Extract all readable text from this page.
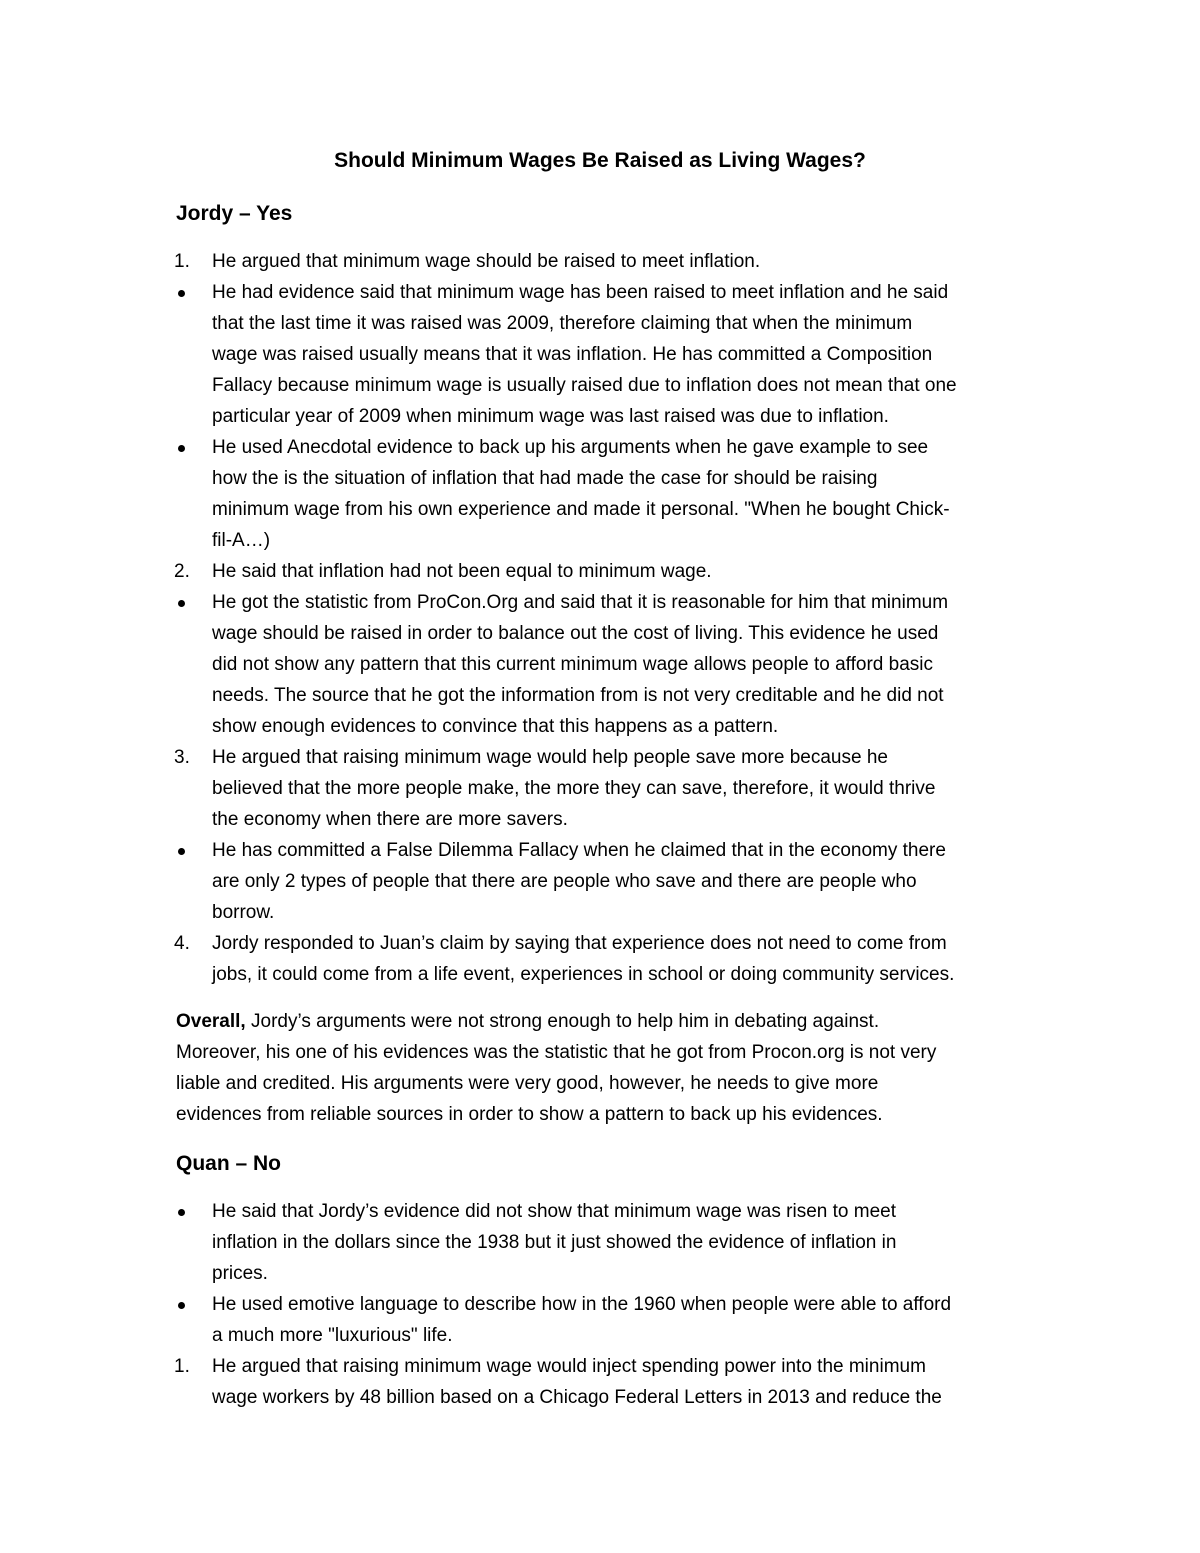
Should Minimum Wages Be Raised as Living Wages?
Jordy – Yes
1.	He argued that minimum wage should be raised to meet inflation.
He had evidence said that minimum wage has been raised to meet inflation and he said
that the last time it was raised was 2009, therefore claiming that when the minimum
wage was raised usually means that it was inflation. He has committed a Composition
Fallacy because minimum wage is usually raised due to inflation does not mean that one
particular year of 2009 when minimum wage was last raised was due to inflation.
He used Anecdotal evidence to back up his arguments when he gave example to see
how the is the situation of inflation that had made the case for should be raising
minimum wage from his own experience and made it personal. "When he bought Chick-
fil-A…)
2.	He said that inflation had not been equal to minimum wage.
He got the statistic from ProCon.Org and said that it is reasonable for him that minimum
wage should be raised in order to balance out the cost of living. This evidence he used
did not show any pattern that this current minimum wage allows people to afford basic
needs. The source that he got the information from is not very creditable and he did not
show enough evidences to convince that this happens as a pattern.
3.	He argued that raising minimum wage would help people save more because he
believed that the more people make, the more they can save, therefore, it would thrive
the economy when there are more savers.
He has committed a False Dilemma Fallacy when he claimed that in the economy there
are only 2 types of people that there are people who save and there are people who
borrow.
4.	Jordy responded to Juan’s claim by saying that experience does not need to come from
jobs, it could come from a life event, experiences in school or doing community services.
Overall, Jordy’s arguments were not strong enough to help him in debating against.
Moreover, his one of his evidences was the statistic that he got from Procon.org is not very
liable and credited. His arguments were very good, however, he needs to give more
evidences from reliable sources in order to show a pattern to back up his evidences.
Quan – No
He said that Jordy’s evidence did not show that minimum wage was risen to meet
inflation in the dollars since the 1938 but it just showed the evidence of inflation in
prices.
He used emotive language to describe how in the 1960 when people were able to afford
a much more "luxurious" life.
1.	He argued that raising minimum wage would inject spending power into the minimum
wage workers by 48 billion based on a Chicago Federal Letters in 2013 and reduce the
